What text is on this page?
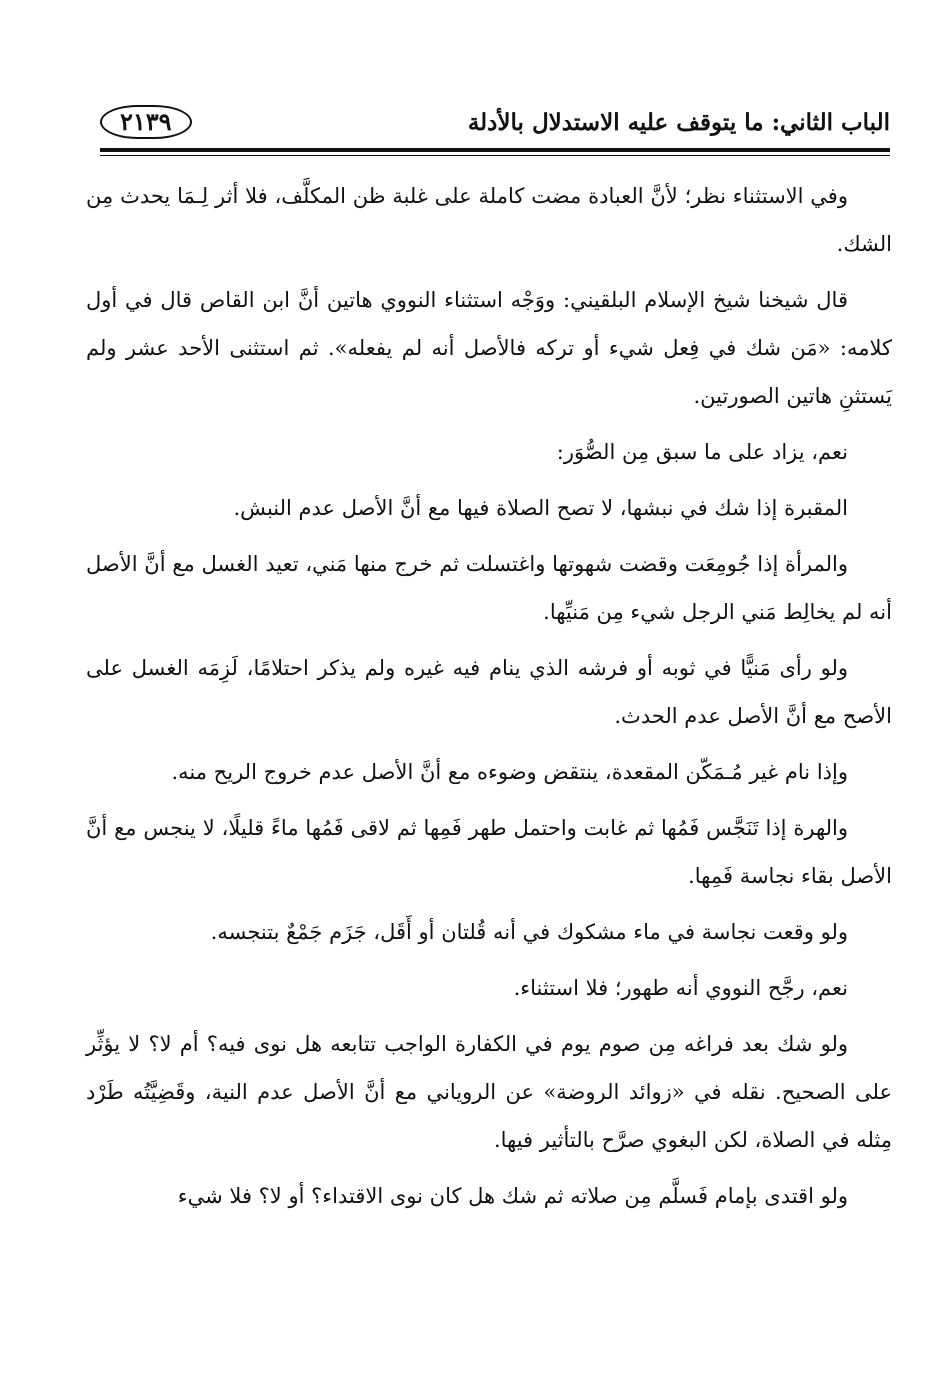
الباب الثاني: ما يتوقف عليه الاستدلال بالأدلة
٢١٣٩

وفي الاستثناء نظر؛ لأنَّ العبادة مضت كاملة على غلبة ظن المكلَّف، فلا أثر لِـمَا يحدث مِن الشك.

قال شيخنا شيخ الإسلام البلقيني: ووَجْه استثناء النووي هاتين أنَّ ابن القاص قال في أول كلامه: «مَن شك في فِعل شيء أو تركه فالأصل أنه لم يفعله». ثم استثنى الأحد عشر ولم يَستثنِ هاتين الصورتين.

نعم، يزاد على ما سبق مِن الصُّوَر:

المقبرة إذا شك في نبشها، لا تصح الصلاة فيها مع أنَّ الأصل عدم النبش.

والمرأة إذا جُومِعَت وقضت شهوتها واغتسلت ثم خرج منها مَني، تعيد الغسل مع أنَّ الأصل أنه لم يخالِط مَني الرجل شيء مِن مَنيِّها.

ولو رأى مَنيًّا في ثوبه أو فرشه الذي ينام فيه غيره ولم يذكر احتلامًا، لَزِمَه الغسل على الأصح مع أنَّ الأصل عدم الحدث.

وإذا نام غير مُـمَكّن المقعدة، ينتقض وضوءه مع أنَّ الأصل عدم خروج الريح منه.

والهرة إذا تَنَجَّس فَمُها ثم غابت واحتمل طهر فَمِها ثم لاقى فَمُها ماءً قليلًا، لا ينجس مع أنَّ الأصل بقاء نجاسة فَمِها.

ولو وقعت نجاسة في ماء مشكوك في أنه قُلتان أو أَقَل، جَزَم جَمْعٌ بتنجسه.

نعم، رجَّح النووي أنه طهور؛ فلا استثناء.

ولو شك بعد فراغه مِن صوم يوم في الكفارة الواجب تتابعه هل نوى فيه؟ أم لا؟ لا يؤثِّر على الصحيح. نقله في «زوائد الروضة» عن الروياني مع أنَّ الأصل عدم النية، وقَضِيَّتُه طَرْد مِثله في الصلاة، لكن البغوي صرَّح بالتأثير فيها.

ولو اقتدى بإمام فَسلَّم مِن صلاته ثم شك هل كان نوى الاقتداء؟ أو لا؟ فلا شيء
